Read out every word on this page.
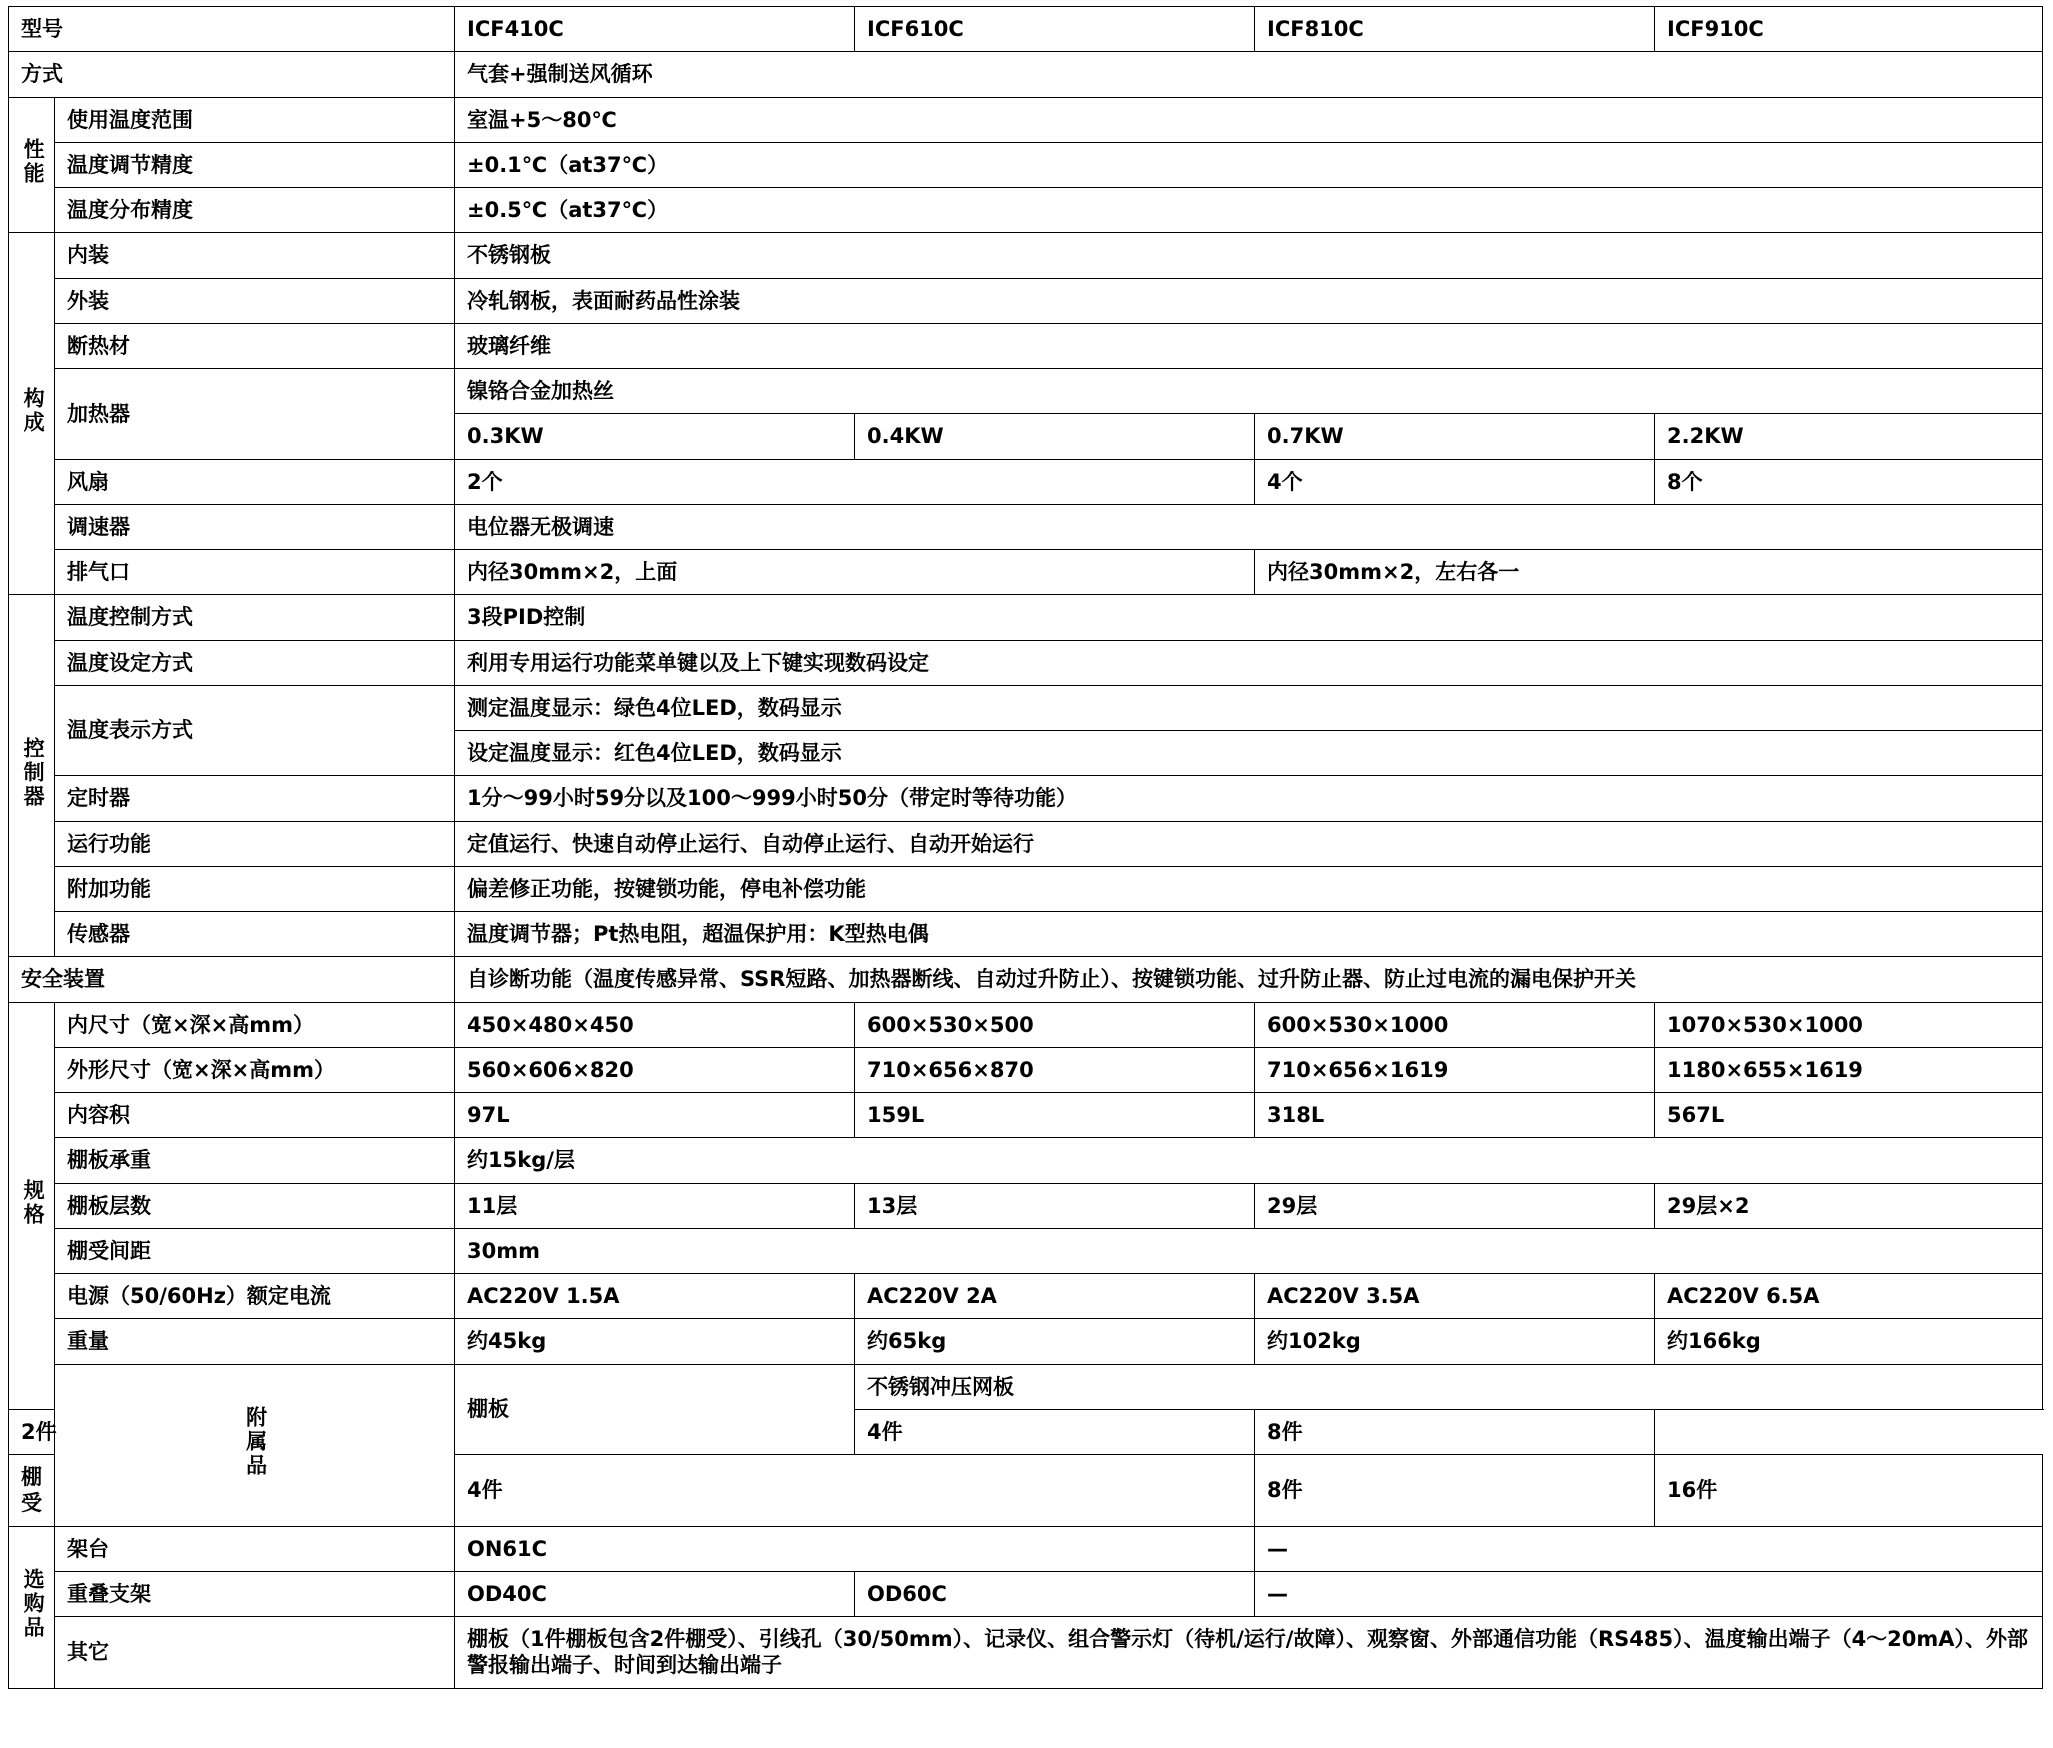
型号		ICF410C	ICF610C	ICF810C	ICF910C
方式		气套+强制送风循环			
性能	使用温度范围	室温+5～80℃			
	温度调节精度	±0.1℃（at37℃）			
	温度分布精度	±0.5℃（at37℃）			
构成	内装	不锈钢板			
	外装	冷轧钢板，表面耐药品性涂装			
	断热材	玻璃纤维			
	加热器	镍铬合金加热丝			
		0.3KW	0.4KW	0.7KW	2.2KW
	风扇	2个		4个	8个
	调速器	电位器无极调速			
	排气口	内径30mm×2，上面		内径30mm×2，左右各一	
控制器	温度控制方式	3段PID控制			
	温度设定方式	利用专用运行功能菜单键以及上下键实现数码设定			
	温度表示方式	测定温度显示：绿色4位LED，数码显示			
		设定温度显示：红色4位LED，数码显示			
	定时器	1分～99小时59分以及100～999小时50分（带定时等待功能）			
	运行功能	定值运行、快速自动停止运行、自动停止运行、自动开始运行			
	附加功能	偏差修正功能，按键锁功能，停电补偿功能			
	传感器	温度调节器；Pt热电阻，超温保护用：K型热电偶			
安全装置		自诊断功能（温度传感异常、SSR短路、加热器断线、自动过升防止）、按键锁功能、过升防止器、防止过电流的漏电保护开关			
规格	内尺寸（宽×深×高mm）	450×480×450	600×530×500	600×530×1000	1070×530×1000
	外形尺寸（宽×深×高mm）	560×606×820	710×656×870	710×656×1619	1180×655×1619
	内容积	97L	159L	318L	567L
	棚板承重	约15kg/层			
	棚板层数	11层	13层	29层	29层×2
	棚受间距	30mm			
	电源（50/60Hz）额定电流	AC220V 1.5A	AC220V 2A	AC220V 3.5A	AC220V 6.5A
	重量	约45kg	约65kg	约102kg	约166kg
	附属品	棚板	不锈钢冲压网板		
2件			4件	8件	
棚受		4件		8件	16件
选购品	架台	ON61C		—	
	重叠支架	OD40C	OD60C	—	
	其它	棚板（1件棚板包含2件棚受）、引线孔（30/50mm）、记录仪、组合警示灯（待机/运行/故障）、观察窗、外部通信功能（RS485）、温度输出端子（4～20mA）、外部警报输出端子、时间到达输出端子			
